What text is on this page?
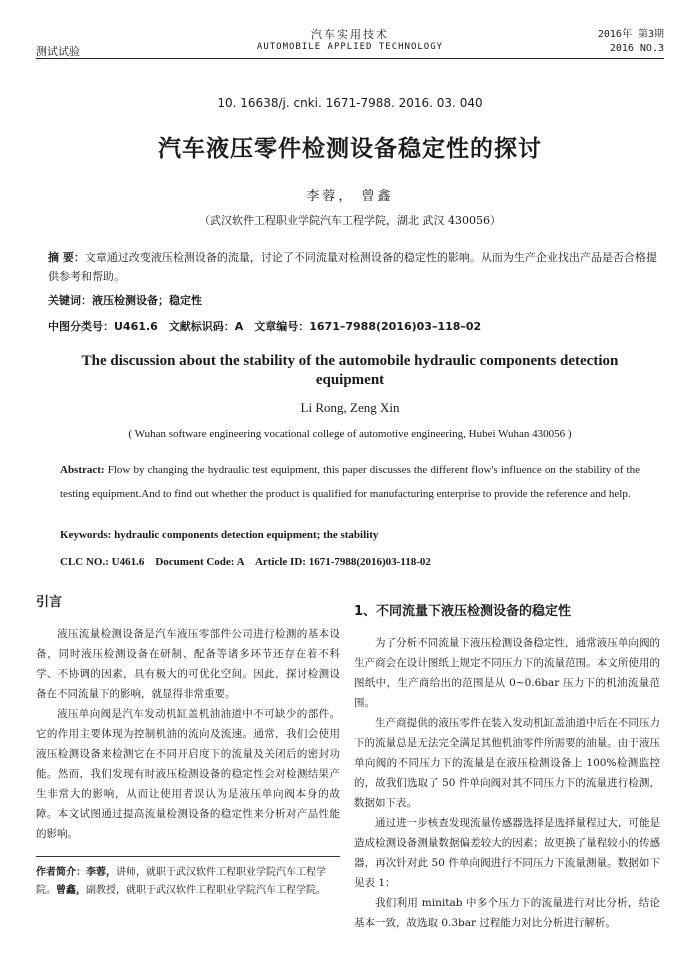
测试试验
汽车实用技术
AUTOMOBILE APPLIED TECHNOLOGY
2016年 第3期
2016 NO.3
10. 16638/j. cnki. 1671-7988. 2016. 03. 040
汽车液压零件检测设备稳定性的探讨
李蓉， 曾鑫
（武汉软件工程职业学院汽车工程学院，湖北 武汉 430056）
摘 要：文章通过改变液压检测设备的流量，讨论了不同流量对检测设备的稳定性的影响。从而为生产企业找出产品是否合格提供参考和帮助。
关键词：液压检测设备；稳定性
中图分类号：U461.6　文献标识码：A　文章编号：1671–7988(2016)03–118–02
The discussion about the stability of the automobile hydraulic components detection equipment
Li Rong, Zeng Xin
( Wuhan software engineering vocational college of automotive engineering, Hubei Wuhan 430056 )
Abstract: Flow by changing the hydraulic test equipment, this paper discusses the different flow's influence on the stability of the testing equipment.And to find out whether the product is qualified for manufacturing enterprise to provide the reference and help.
Keywords: hydraulic components detection equipment; the stability
CLC NO.: U461.6　Document Code: A　Article ID: 1671-7988(2016)03-118-02
引言

液压流量检测设备是汽车液压零部件公司进行检测的基本设备，同时液压检测设备在研制、配备等诸多环节还存在着不科学、不协调的因素，具有极大的可优化空间。因此，探讨检测设备在不同流量下的影响，就显得非常重要。

液压单向阀是汽车发动机缸盖机油油道中不可缺少的部件。它的作用主要体现为控制机油的流向及流速。通常，我们会使用液压检测设备来检测它在不同开启度下的流量及关闭后的密封功能。然而，我们发现有时液压检测设备的稳定性会对检测结果产生非常大的影响，从而让使用者误认为是液压单向阀本身的故障。本文试图通过提高流量检测设备的稳定性来分析对产品性能的影响。

作者简介：李蓉，讲师，就职于武汉软件工程职业学院汽车工程学院。曾鑫，副教授，就职于武汉软件工程职业学院汽车工程学院。
1、不同流量下液压检测设备的稳定性

为了分析不同流量下液压检测设备稳定性，通常液压单向阀的生产商会在设计图纸上规定不同压力下的流量范围。本文所使用的图纸中，生产商给出的范围是从 0~0.6bar 压力下的机油流量范围。

生产商提供的液压零件在装入发动机缸盖油道中后在不同压力下的流量总是无法完全满足其他机油零件所需要的油量。由于液压单向阀的不同压力下的流量是在液压检测设备上 100%检测监控的，故我们选取了 50 件单向阀对其不同压力下的流量进行检测，数据如下表。

通过进一步核查发现流量传感器选择是选择量程过大，可能是造成检测设备测量数据偏差较大的因素；故更换了量程较小的传感器，再次针对此 50 件单向阀进行不同压力下流量测量。数据如下见表 1：

我们利用 minitab 中多个压力下的流量进行对比分析，结论基本一致，故选取 0.3bar 过程能力对比分析进行解析。
